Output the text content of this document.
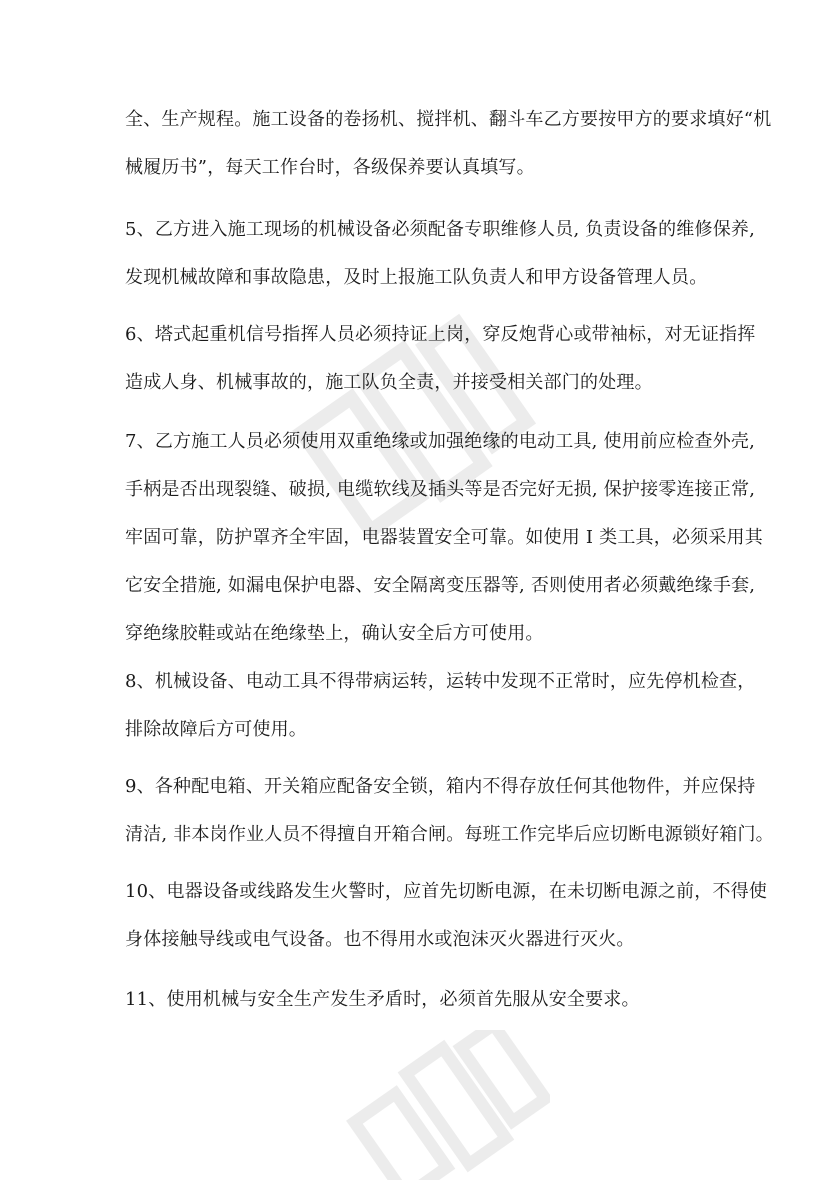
全、生产规程。施工设备的卷扬机、搅拌机、翻斗车乙方要按甲方的要求填好“机
械履历书”，每天工作台时，各级保养要认真填写。

5、乙方进入施工现场的机械设备必须配备专职维修人员, 负责设备的维修保养,
发现机械故障和事故隐患，及时上报施工队负责人和甲方设备管理人员。

6、塔式起重机信号指挥人员必须持证上岗，穿反炮背心或带袖标，对无证指挥
造成人身、机械事故的，施工队负全责，并接受相关部门的处理。

7、乙方施工人员必须使用双重绝缘或加强绝缘的电动工具, 使用前应检查外壳,
手柄是否出现裂缝、破损, 电缆软线及插头等是否完好无损, 保护接零连接正常,
牢固可靠，防护罩齐全牢固，电器装置安全可靠。如使用 I 类工具，必须采用其
它安全措施, 如漏电保护电器、安全隔离变压器等, 否则使用者必须戴绝缘手套,
穿绝缘胶鞋或站在绝缘垫上，确认安全后方可使用。

8、机械设备、电动工具不得带病运转，运转中发现不正常时，应先停机检查，
排除故障后方可使用。

9、各种配电箱、开关箱应配备安全锁，箱内不得存放任何其他物件，并应保持
清洁, 非本岗作业人员不得擅自开箱合闸。每班工作完毕后应切断电源锁好箱门。

10、电器设备或线路发生火警时，应首先切断电源，在未切断电源之前，不得使
身体接触导线或电气设备。也不得用水或泡沫灭火器进行灭火。

11、使用机械与安全生产发生矛盾时，必须首先服从安全要求。
